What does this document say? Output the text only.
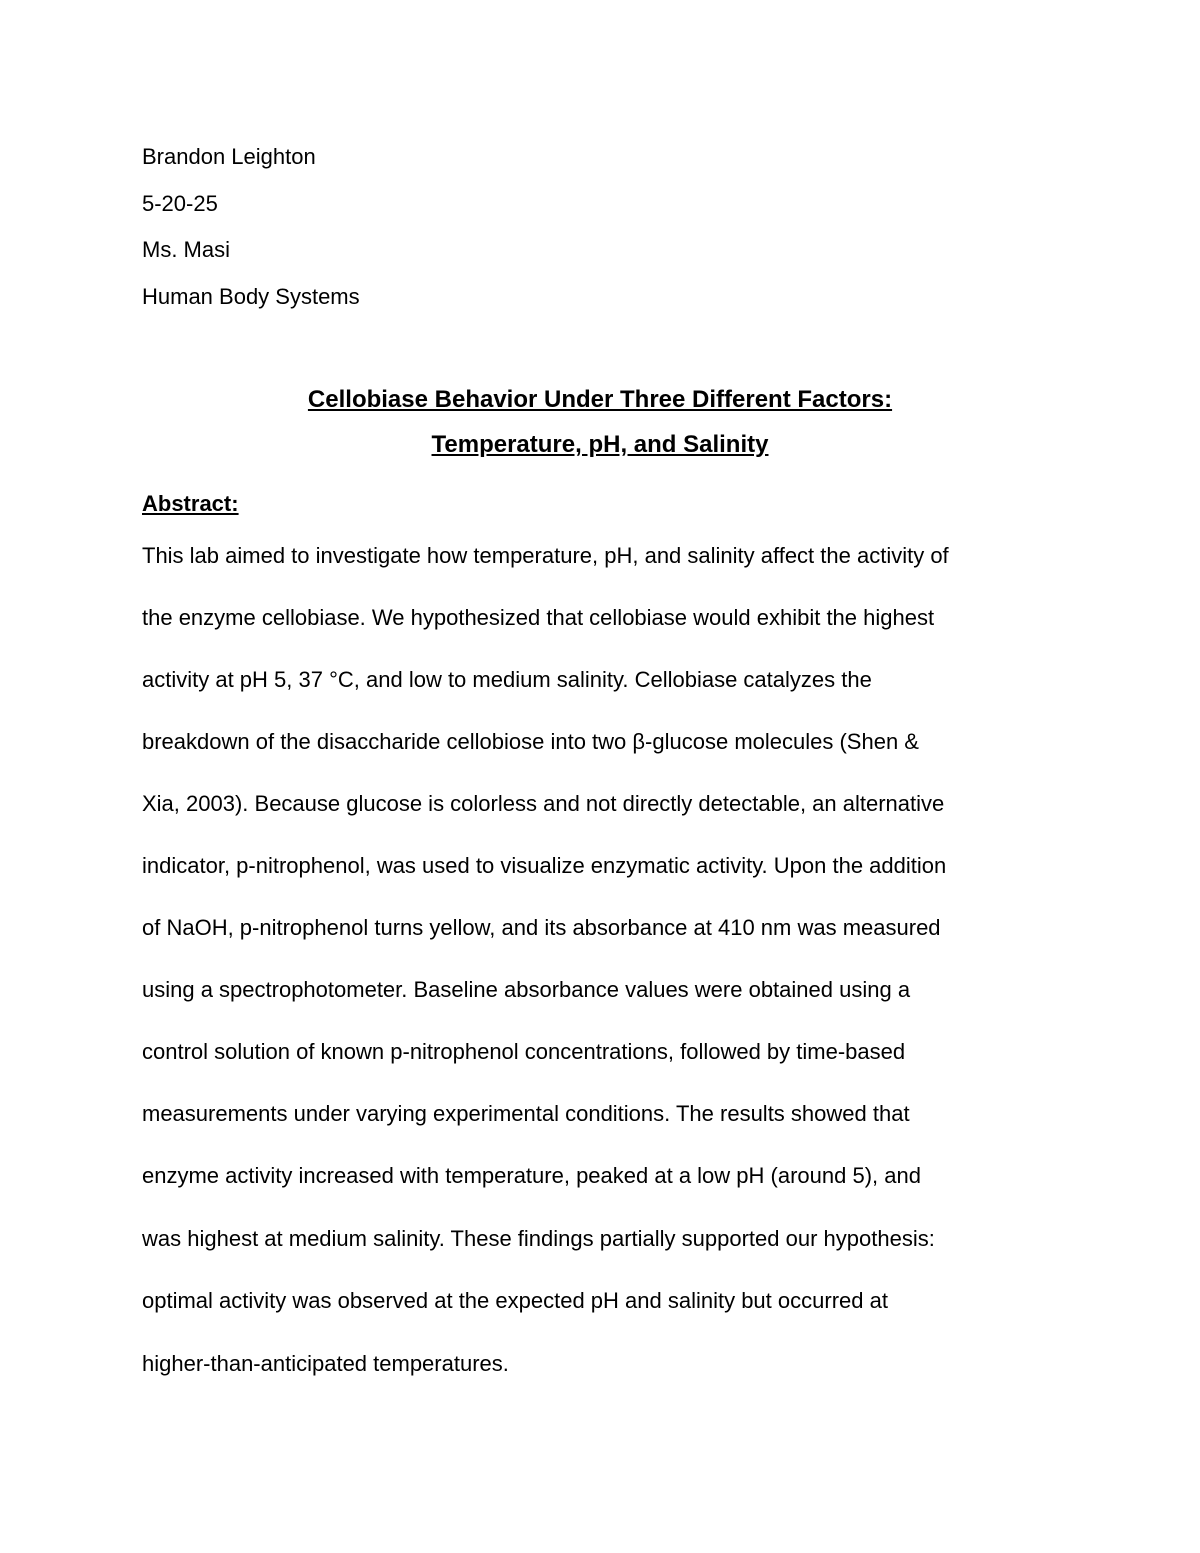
Brandon Leighton
5-20-25
Ms. Masi
Human Body Systems
Cellobiase Behavior Under Three Different Factors:
Temperature, pH, and Salinity
Abstract:
This lab aimed to investigate how temperature, pH, and salinity affect the activity of
the enzyme cellobiase. We hypothesized that cellobiase would exhibit the highest
activity at pH 5, 37 °C, and low to medium salinity. Cellobiase catalyzes the
breakdown of the disaccharide cellobiose into two β-glucose molecules (Shen &
Xia, 2003). Because glucose is colorless and not directly detectable, an alternative
indicator, p-nitrophenol, was used to visualize enzymatic activity. Upon the addition
of NaOH, p-nitrophenol turns yellow, and its absorbance at 410 nm was measured
using a spectrophotometer. Baseline absorbance values were obtained using a
control solution of known p-nitrophenol concentrations, followed by time-based
measurements under varying experimental conditions. The results showed that
enzyme activity increased with temperature, peaked at a low pH (around 5), and
was highest at medium salinity. These findings partially supported our hypothesis:
optimal activity was observed at the expected pH and salinity but occurred at
higher-than-anticipated temperatures.
